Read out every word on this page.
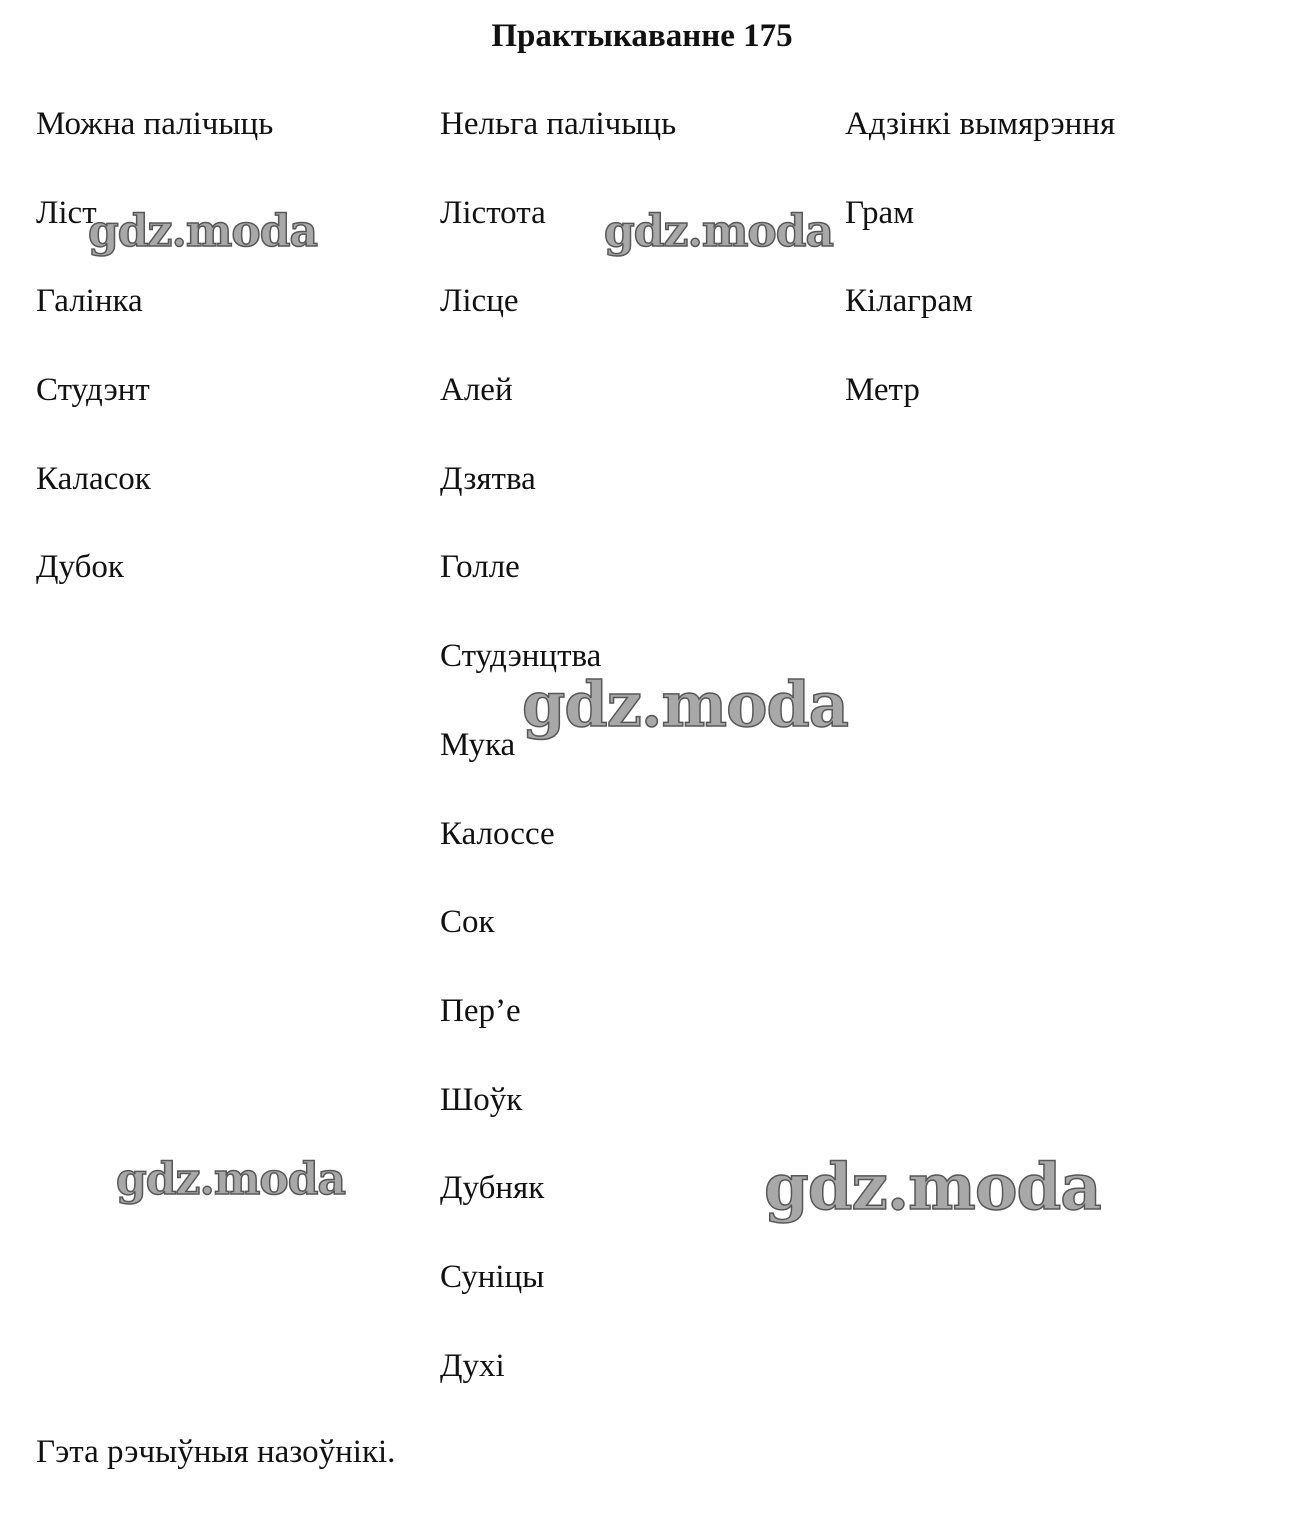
Практыкаванне 175
Можна палічыць
Ліст
Галінка
Студэнт
Каласок
Дубок
Нельга палічыць
Лістота
Лісце
Алей
Дзятва
Голле
Студэнцтва
Мука
Калоссе
Сок
Пер’е
Шоўк
Дубняк
Суніцы
Духі
Адзінкі вымярэння
Грам
Кілаграм
Метр
Гэта рэчыўныя назоўнікі.
gdz.moda	gdz.moda
gdz.moda
gdz.moda	gdz.moda
